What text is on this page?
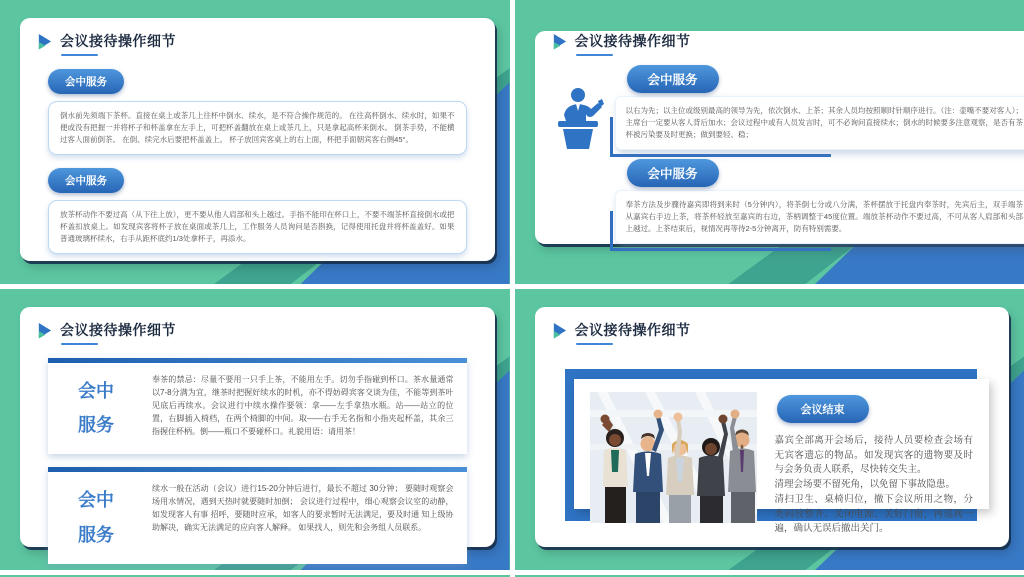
会议接待操作细节
会中服务
倒水前先须端下茶杯。直接在桌上或茶几上往杯中倒水、续水，是不符合操作规范的。 在往高杯倒水、续水时，如果不便或没有把握一并将杯子和杯盖拿在左手上，可把杯盖翻放在桌上或茶几上，只是拿起高杯来倒水。 倒茶手势，不能横过客人面前倒茶。 在倒、续完水后要把杯盖盖上。 杯子放回宾客桌上的右上面，杯把手面朝宾客右侧45°。
会中服务
放茶杯动作不要过高（从下往上放），更不要从他人肩部和头上越过。手指不能印在杯口上，不要不端茶杯直接倒水或把杯盖扣放桌上。如发现宾客将杯子放在桌面或茶几上，工作服务人员询问是否斟换，记得使用托盘并将杯盖盖好。如果普通玻璃杯续水，右手从距杯底约1/3处拿杯子，再添水。
会议接待操作细节
会中服务
以右为先；以主位或级别最高的领导为先，依次倒水、上茶；其余人员均按照顺时针顺序进行。（注：壶嘴不要对客人）；主席台一定要从客人背后加水；会议过程中或有人员发言时，可不必询问直接续水；倒水的时候要多注意观察，是否有茶杯被污染要及时更换；做到要轻、稳；
会中服务
奉茶方法及步骤待嘉宾即将到来时（5分钟内），将茶倒七分或八分满，茶杯摆放于托盘内奉茶时，先宾后主，双手端茶从嘉宾右手边上茶，将茶杯轻放至嘉宾的右边，茶柄调整于45度位置。端放茶杯动作不要过高，不可从客人肩部和头部上越过。上茶结束后，视情况再等待2-5分钟离开，防有特别需要。
会议接待操作细节
会中服务
奉茶的禁忌：尽量不要用一只手上茶，不能用左手。切勿手指碰到杯口。茶水量通常以7-8分满为宜，继茶时把握好续水的时机，亦不得妨碍宾客交谈为佳，不能等到茶叶见底后再续水。会议进行中续水操作要领：拿——左手拿热水瓶。站——站立的位置，右脚插入椅档，在两个椅脚的中间。取——右手无名指和小指夹起杯盖，其余三指握住杯柄。倒——瓶口不要碰杯口。礼貌用语：请用茶！
会中服务
续水一般在活动（会议）进行15-20分钟后进行，最长不超过 30分钟； 要随时观察会场用水情况，遇到天热时就要随时加倒； 会议进行过程中，细心观察会议室的动静，如发现客人有事 招呼，要随时应承，如客人的要求暂时无法满足，要及时通 知上级协助解决，确实无法满足的应向客人解释。 如果找人，则先和会务组人员联系。
会议接待操作细节
会议结束

嘉宾全部离开会场后，接待人员要检查会场有无宾客遗忘的物品。如发现宾客的遗物要及时与会务负责人联系，尽快转交失主。

清理会场要不留死角，以免留下事故隐患。

清扫卫生、桌椅归位，撤下会议所用之物，分类码放整齐。关闭电源、关好门窗，再巡视一遍，确认无误后撤出关门。
